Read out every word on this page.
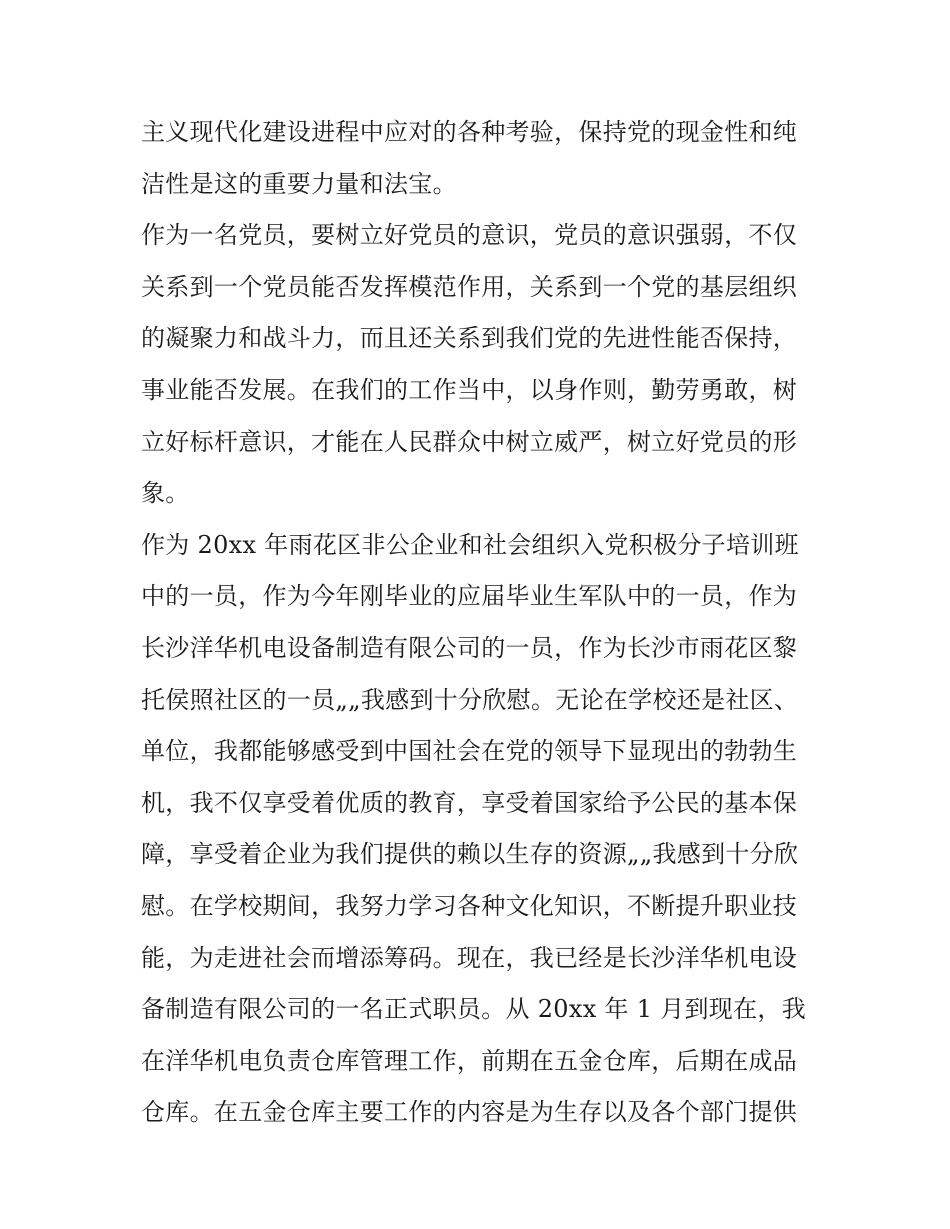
主义现代化建设进程中应对的各种考验，保持党的现金性和纯
洁性是这的重要力量和法宝。
作为一名党员，要树立好党员的意识，党员的意识强弱，不仅
关系到一个党员能否发挥模范作用，关系到一个党的基层组织
的凝聚力和战斗力，而且还关系到我们党的先进性能否保持，
事业能否发展。在我们的工作当中，以身作则，勤劳勇敢，树
立好标杆意识，才能在人民群众中树立威严，树立好党员的形
象。
作为 20xx 年雨花区非公企业和社会组织入党积极分子培训班
中的一员，作为今年刚毕业的应届毕业生军队中的一员，作为
长沙洋华机电设备制造有限公司的一员，作为长沙市雨花区黎
托侯照社区的一员„„我感到十分欣慰。无论在学校还是社区、
单位，我都能够感受到中国社会在党的领导下显现出的勃勃生
机，我不仅享受着优质的教育，享受着国家给予公民的基本保
障，享受着企业为我们提供的赖以生存的资源„„我感到十分欣
慰。在学校期间，我努力学习各种文化知识，不断提升职业技
能，为走进社会而增添筹码。现在，我已经是长沙洋华机电设
备制造有限公司的一名正式职员。从 20xx 年 1 月到现在，我
在洋华机电负责仓库管理工作，前期在五金仓库，后期在成品
仓库。在五金仓库主要工作的内容是为生存以及各个部门提供
